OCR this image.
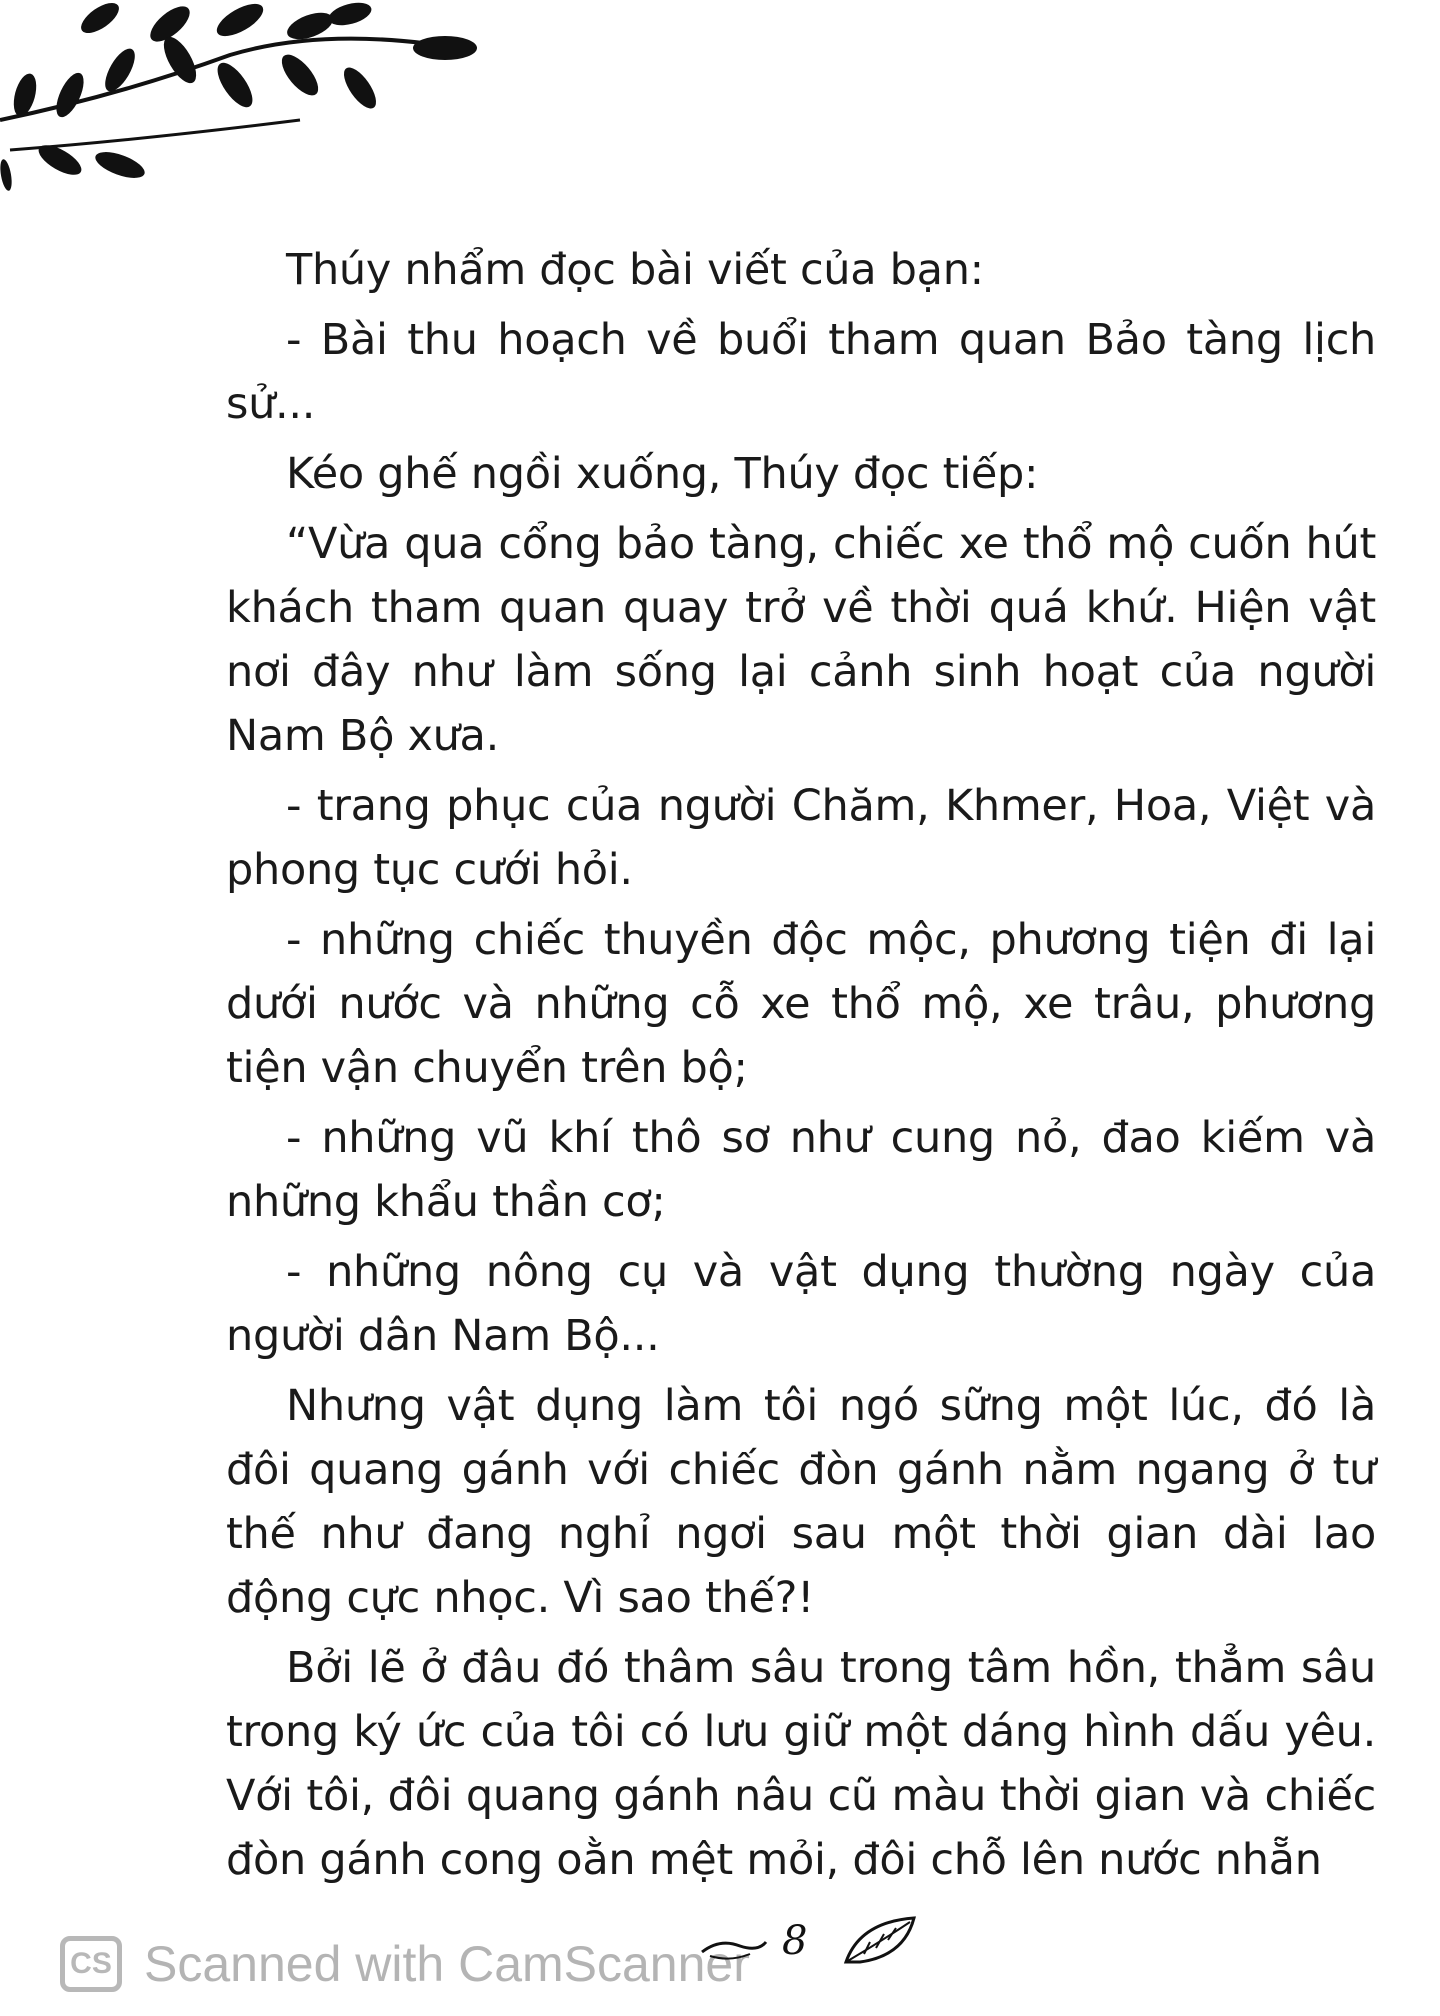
Thúy nhẩm đọc bài viết của bạn:

- Bài thu hoạch về buổi tham quan Bảo tàng lịch sử...

Kéo ghế ngồi xuống, Thúy đọc tiếp:

“Vừa qua cổng bảo tàng, chiếc xe thổ mộ cuốn hút khách tham quan quay trở về thời quá khứ. Hiện vật nơi đây như làm sống lại cảnh sinh hoạt của người Nam Bộ xưa.

- trang phục của người Chăm, Khmer, Hoa, Việt và phong tục cưới hỏi.

- những chiếc thuyền độc mộc, phương tiện đi lại dưới nước và những cỗ xe thổ mộ, xe trâu, phương tiện vận chuyển trên bộ;

- những vũ khí thô sơ như cung nỏ, đao kiếm và những khẩu thần cơ;

- những nông cụ và vật dụng thường ngày của người dân Nam Bộ...

Nhưng vật dụng làm tôi ngó sững một lúc, đó là đôi quang gánh với chiếc đòn gánh nằm ngang ở tư thế như đang nghỉ ngơi sau một thời gian dài lao động cực nhọc. Vì sao thế?!

Bởi lẽ ở đâu đó thâm sâu trong tâm hồn, thẳm sâu trong ký ức của tôi có lưu giữ một dáng hình dấu yêu. Với tôi, đôi quang gánh nâu cũ màu thời gian và chiếc đòn gánh cong oằn mệt mỏi, đôi chỗ lên nước nhẵn

CS Scanned with CamScanner 8
